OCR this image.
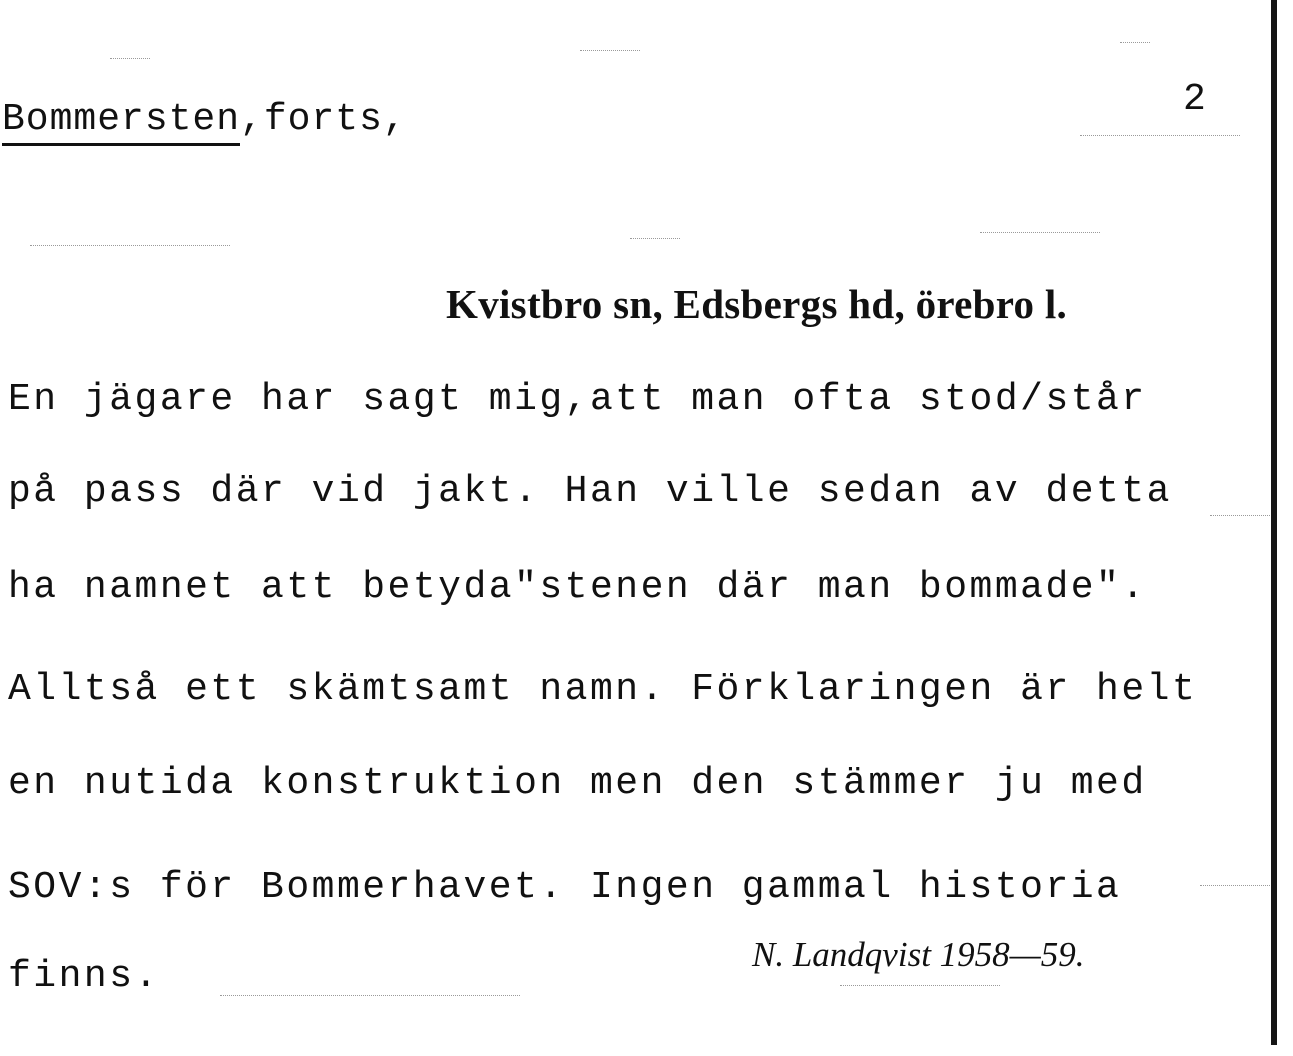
Bommersten,forts,	2
Kvistbro sn, Edsbergs hd, örebro l.
En jägare har sagt mig,att man ofta stod/står
på pass där vid jakt. Han ville sedan av detta
ha namnet att betyda"stenen där man bommade".
Alltså ett skämtsamt namn. Förklaringen är helt
en nutida konstruktion men den stämmer ju med
SOV:s för Bommerhavet. Ingen gammal historia
finns.
N. Landqvist 1958—59.
